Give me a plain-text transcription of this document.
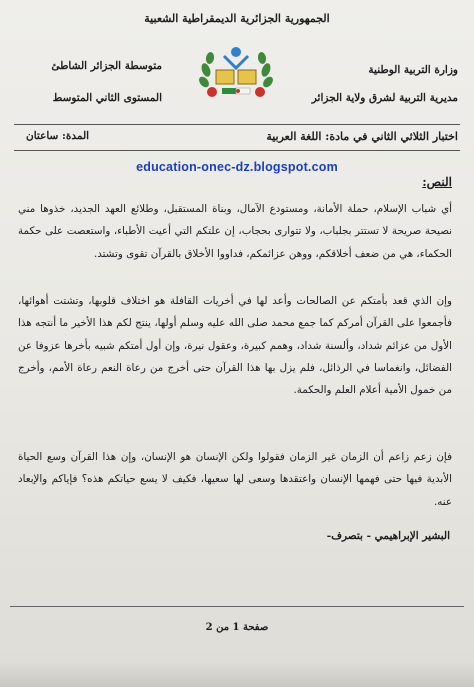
الجمهورية الجزائرية الديمقراطية الشعبية
وزارة التربية الوطنية
مديرية التربية لشرق ولاية الجزائر
متوسطة الجزائر الشاطئ
المستوى الثاني المتوسط
اختبار الثلاثي الثاني في مادة: اللغة العربية
المدة: ساعتان
education-onec-dz.blogspot.com
النص:
أي شباب الإسلام، حملة الأمانة، ومستودع الآمال، وبناة المستقبل، وطلائع العهد الجديد، خذوها مني نصيحة صريحة لا تستتر بجلباب، ولا تتوارى بحجاب، إن علتكم التي أعيت الأطباء، واستعصت على حكمة الحكماء، هي من ضعف أخلاقكم، ووهن عزائمكم، فداووا الأخلاق بالقرآن تقوى وتشتد.
وإن الذي قعد بأمتكم عن الصالحات وأعد لها في أخريات القافلة هو اختلاف قلوبها، وتشتت أهوائها، فأجمعوا على القرآن أمركم كما جمع محمد صلى الله عليه وسلم أولها، ينتج لكم هذا الأخير ما أنتجه هذا الأول من عزائم شداد، وألسنة شداد، وهمم كبيرة، وعقول نيرة، وإن أول أمتكم شبيه بأخرها عزوفا عن الفضائل، وانغماسا في الرذائل، فلم يزل بها هذا القرآن حتى أخرج من رعاة النعم رعاة الأمم، وأخرج من خمول الأمية أعلام العلم والحكمة.
فإن زعم زاعم أن الزمان غير الزمان فقولوا ولكن الإنسان هو الإنسان، وإن هذا القرآن وسع الحياة الأبدية فيها حتى فهمها الإنسان واعتقدها وسعى لها سعيها، فكيف لا يسع حياتكم هذه؟ فإياكم والإبعاد عنه.
البشير الإبراهيمي - بتصرف-
صفحة 1 من 2
